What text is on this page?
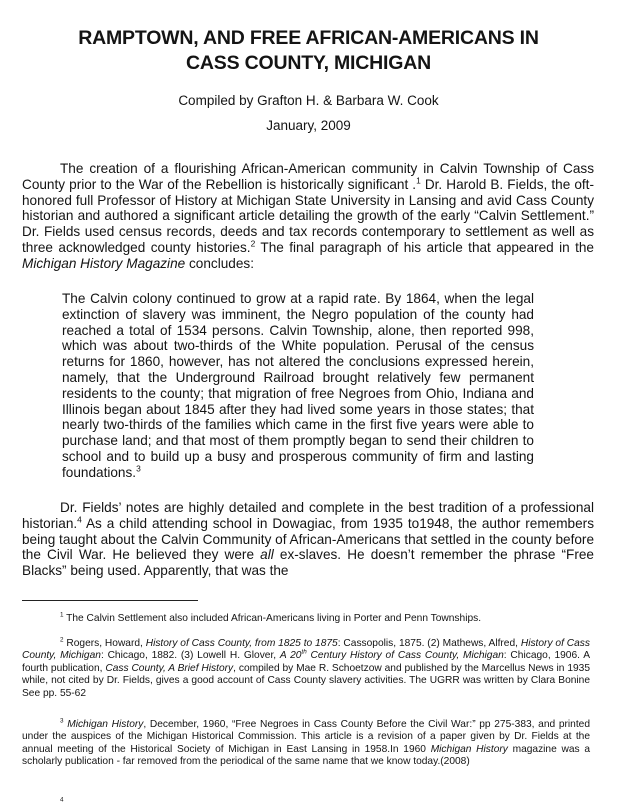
RAMPTOWN, AND FREE AFRICAN-AMERICANS IN
CASS COUNTY, MICHIGAN
Compiled by Grafton H. & Barbara W. Cook
January, 2009

The creation of a flourishing African-American community in Calvin Township of Cass County prior to the War of the Rebellion is historically significant .$^1$ Dr. Harold B. Fields, the oft-honored full Professor of History at Michigan State University in Lansing and avid Cass County historian and authored a significant article detailing the growth of the early “Calvin Settlement.” Dr. Fields used census records, deeds and tax records contemporary to settlement as well as three acknowledged county histories.$^2$ The final paragraph of his article that appeared in the Michigan History Magazine concludes:

The Calvin colony continued to grow at a rapid rate. By 1864, when the legal extinction of slavery was imminent, the Negro population of the county had reached a total of 1534 persons. Calvin Township, alone, then reported 998, which was about two-thirds of the White population. Perusal of the census returns for 1860, however, has not altered the conclusions expressed herein, namely, that the Underground Railroad brought relatively few permanent residents to the county; that migration of free Negroes from Ohio, Indiana and Illinois began about 1845 after they had lived some years in those states; that nearly two-thirds of the families which came in the first five years were able to purchase land; and that most of them promptly began to send their children to school and to build up a busy and prosperous community of firm and lasting foundations.$^3$

Dr. Fields’ notes are highly detailed and complete in the best tradition of a professional historian.$^4$ As a child attending school in Dowagiac, from 1935 to1948, the author remembers being taught about the Calvin Community of African-Americans that settled in the county before the Civil War. He believed they were all ex-slaves. He doesn’t remember the phrase “Free Blacks” being used. Apparently, that was the

$^1$ The Calvin Settlement also included African-Americans living in Porter and Penn Townships.

$^2$ Rogers, Howard, History of Cass County, from 1825 to 1875: Cassopolis, 1875. (2) Mathews, Alfred, History of Cass County, Michigan: Chicago, 1882. (3) Lowell H. Glover, A 20th Century History of Cass County, Michigan: Chicago, 1906. A fourth publication, Cass County, A Brief History, compiled by Mae R. Schoetzow and published by the Marcellus News in 1935 while, not cited by Dr. Fields, gives a good account of Cass County slavery activities. The UGRR was written by Clara Bonine See pp. 55-62

$^3$ Michigan History, December, 1960, “Free Negroes in Cass County Before the Civil War:” pp 275-383, and printed under the auspices of the Michigan Historical Commission. This article is a revision of a paper given by Dr. Fields at the annual meeting of the Historical Society of Michigan in East Lansing in 1958.In 1960 Michigan History magazine was a scholarly publication - far removed from the periodical of the same name that we know today.(2008)

$^4$
